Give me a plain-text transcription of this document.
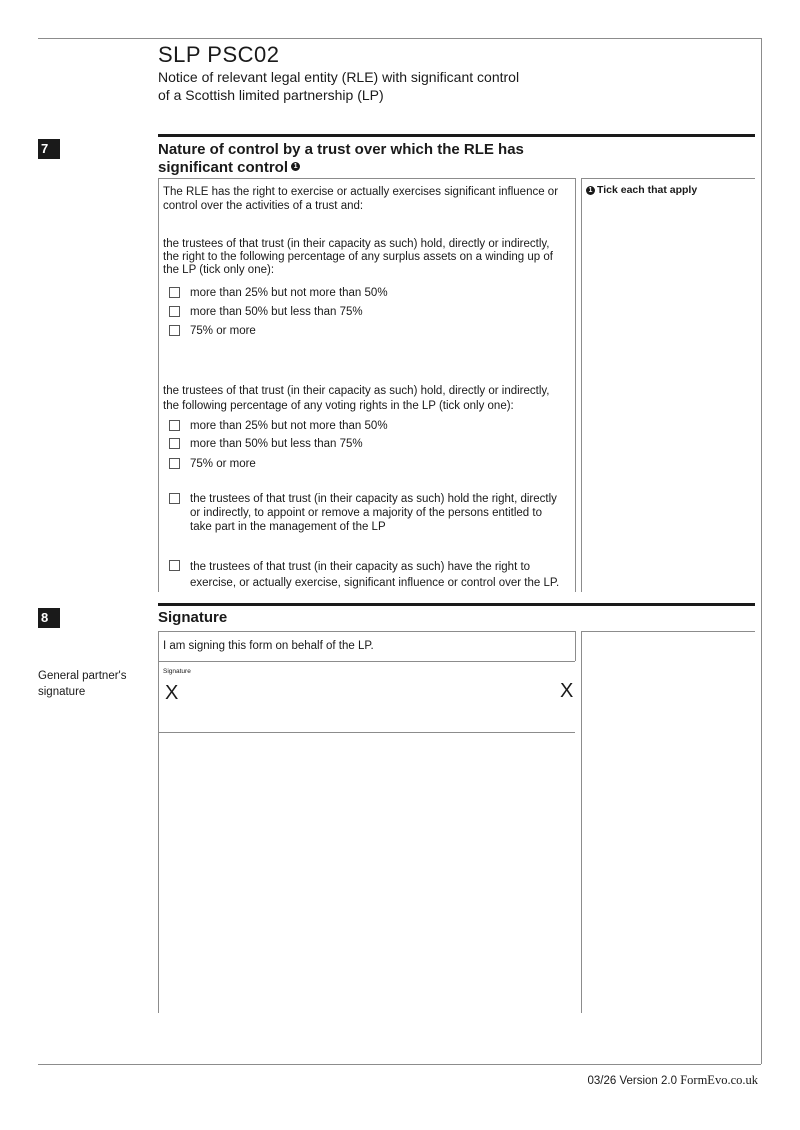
SLP PSC02
Notice of relevant legal entity (RLE) with significant control
of a Scottish limited partnership (LP)
7	Nature of control by a trust over which the RLE has
significant control 1
1 Tick each that apply
The RLE has the right to exercise or actually exercises significant influence or
control over the activities of a trust and:
the trustees of that trust (in their capacity as such) hold, directly or indirectly,
the right to the following percentage of any surplus assets on a winding up of
the LP (tick only one):
more than 25% but not more than 50%
more than 50% but less than 75%
75% or more
the trustees of that trust (in their capacity as such) hold, directly or indirectly,
the following percentage of any voting rights in the LP (tick only one):
more than 25% but not more than 50%
more than 50% but less than 75%
75% or more
the trustees of that trust (in their capacity as such) hold the right, directly
or indirectly, to appoint or remove a majority of the persons entitled to
take part in the management of the LP
the trustees of that trust (in their capacity as such) have the right to
exercise, or actually exercise, significant influence or control over the LP.
8	Signature
I am signing this form on behalf of the LP.
General partner's
signature
Signature
X	X
03/26 Version 2.0 FormEvo.co.uk
